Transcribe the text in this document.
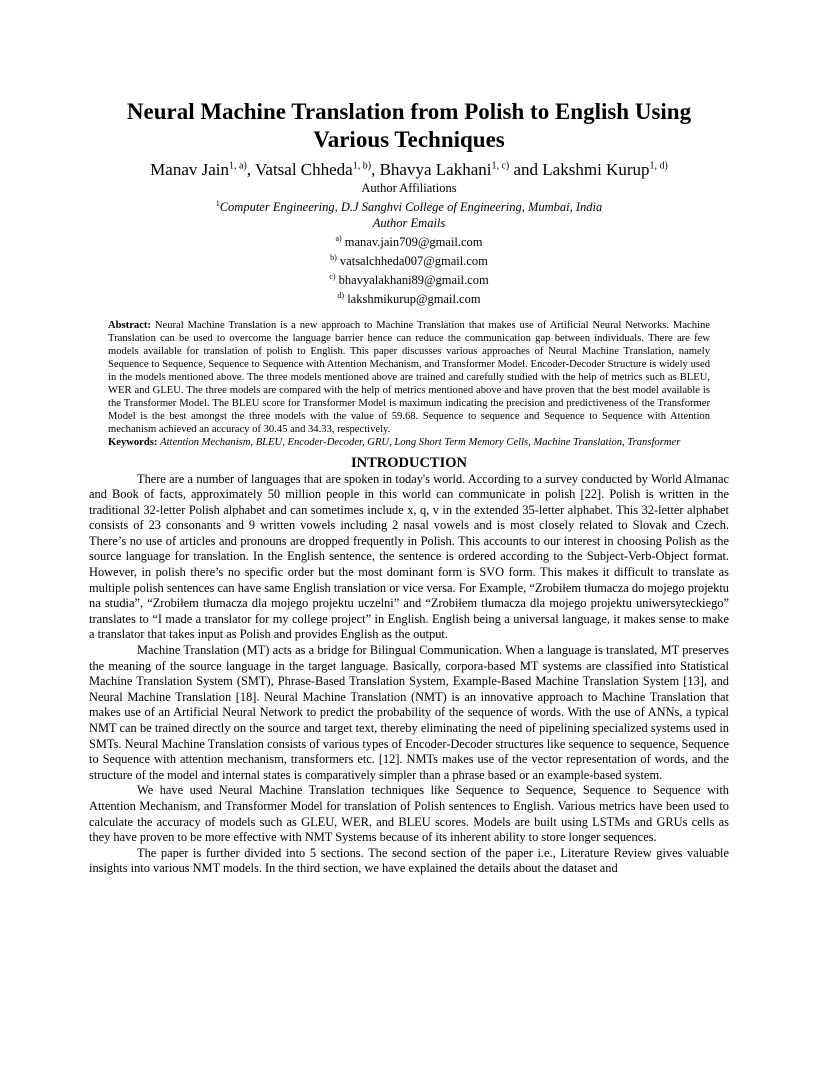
Neural Machine Translation from Polish to English Using Various Techniques
Manav Jain$^{1, a)}$, Vatsal Chheda$^{1, b)}$, Bhavya Lakhani$^{1, c)}$ and Lakshmi Kurup$^{1, d)}$
Author Affiliations
$^1$Computer Engineering, D.J Sanghvi College of Engineering, Mumbai, India
Author Emails
$^{a)}$ manav.jain709@gmail.com
$^{b)}$ vatsalchheda007@gmail.com
$^{c)}$ bhavyalakhani89@gmail.com
$^{d)}$ lakshmikurup@gmail.com
Abstract: Neural Machine Translation is a new approach to Machine Translation that makes use of Artificial Neural Networks. Machine Translation can be used to overcome the language barrier hence can reduce the communication gap between individuals. There are few models available for translation of polish to English. This paper discusses various approaches of Neural Machine Translation, namely Sequence to Sequence, Sequence to Sequence with Attention Mechanism, and Transformer Model. Encoder-Decoder Structure is widely used in the models mentioned above. The three models mentioned above are trained and carefully studied with the help of metrics such as BLEU, WER and GLEU. The three models are compared with the help of metrics mentioned above and have proven that the best model available is the Transformer Model. The BLEU score for Transformer Model is maximum indicating the precision and predictiveness of the Transformer Model is the best amongst the three models with the value of 59.68. Sequence to sequence and Sequence to Sequence with Attention mechanism achieved an accuracy of 30.45 and 34.33, respectively.
Keywords: Attention Mechanism, BLEU, Encoder-Decoder, GRU, Long Short Term Memory Cells, Machine Translation, Transformer
INTRODUCTION

There are a number of languages that are spoken in today's world. According to a survey conducted by World Almanac and Book of facts, approximately 50 million people in this world can communicate in polish [22]. Polish is written in the traditional 32-letter Polish alphabet and can sometimes include x, q, v in the extended 35-letter alphabet. This 32-letter alphabet consists of 23 consonants and 9 written vowels including 2 nasal vowels and is most closely related to Slovak and Czech. There’s no use of articles and pronouns are dropped frequently in Polish. This accounts to our interest in choosing Polish as the source language for translation. In the English sentence, the sentence is ordered according to the Subject-Verb-Object format. However, in polish there’s no specific order but the most dominant form is SVO form. This makes it difficult to translate as multiple polish sentences can have same English translation or vice versa. For Example, “Zrobiłem tłumacza do mojego projektu na studia”, “Zrobiłem tłumacza dla mojego projektu uczelni” and “Zrobiłem tłumacza dla mojego projektu uniwersyteckiego” translates to “I made a translator for my college project” in English. English being a universal language, it makes sense to make a translator that takes input as Polish and provides English as the output.

Machine Translation (MT) acts as a bridge for Bilingual Communication. When a language is translated, MT preserves the meaning of the source language in the target language. Basically, corpora-based MT systems are classified into Statistical Machine Translation System (SMT), Phrase-Based Translation System, Example-Based Machine Translation System [13], and Neural Machine Translation [18]. Neural Machine Translation (NMT) is an innovative approach to Machine Translation that makes use of an Artificial Neural Network to predict the probability of the sequence of words. With the use of ANNs, a typical NMT can be trained directly on the source and target text, thereby eliminating the need of pipelining specialized systems used in SMTs. Neural Machine Translation consists of various types of Encoder-Decoder structures like sequence to sequence, Sequence to Sequence with attention mechanism, transformers etc. [12]. NMTs makes use of the vector representation of words, and the structure of the model and internal states is comparatively simpler than a phrase based or an example-based system.

We have used Neural Machine Translation techniques like Sequence to Sequence, Sequence to Sequence with Attention Mechanism, and Transformer Model for translation of Polish sentences to English. Various metrics have been used to calculate the accuracy of models such as GLEU, WER, and BLEU scores. Models are built using LSTMs and GRUs cells as they have proven to be more effective with NMT Systems because of its inherent ability to store longer sequences.

The paper is further divided into 5 sections. The second section of the paper i.e., Literature Review gives valuable insights into various NMT models. In the third section, we have explained the details about the dataset and
